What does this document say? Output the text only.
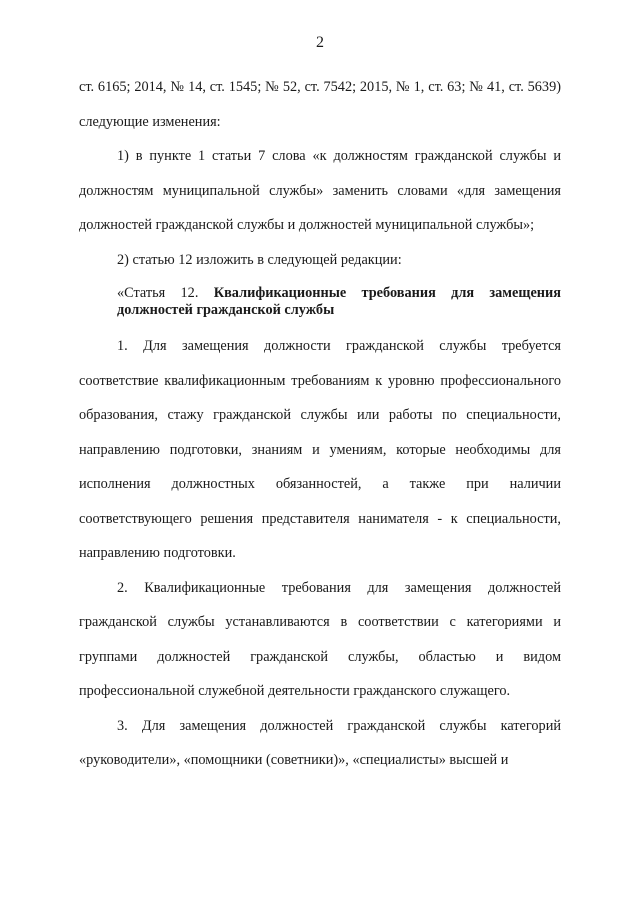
2

ст. 6165; 2014, № 14, ст. 1545; № 52, ст. 7542; 2015, № 1, ст. 63; № 41, ст. 5639) следующие изменения:

1) в пункте 1 статьи 7 слова «к должностям гражданской службы и должностям муниципальной службы» заменить словами «для замещения должностей гражданской службы и должностей муниципальной службы»;

2) статью 12 изложить в следующей редакции:

«Статья 12. Квалификационные требования для замещения должностей гражданской службы

1. Для замещения должности гражданской службы требуется соответствие квалификационным требованиям к уровню профессионального образования, стажу гражданской службы или работы по специальности, направлению подготовки, знаниям и умениям, которые необходимы для исполнения должностных обязанностей, а также при наличии соответствующего решения представителя нанимателя - к специальности, направлению подготовки.

2. Квалификационные требования для замещения должностей гражданской службы устанавливаются в соответствии с категориями и группами должностей гражданской службы, областью и видом профессиональной служебной деятельности гражданского служащего.

3. Для замещения должностей гражданской службы категорий «руководители», «помощники (советники)», «специалисты» высшей и
